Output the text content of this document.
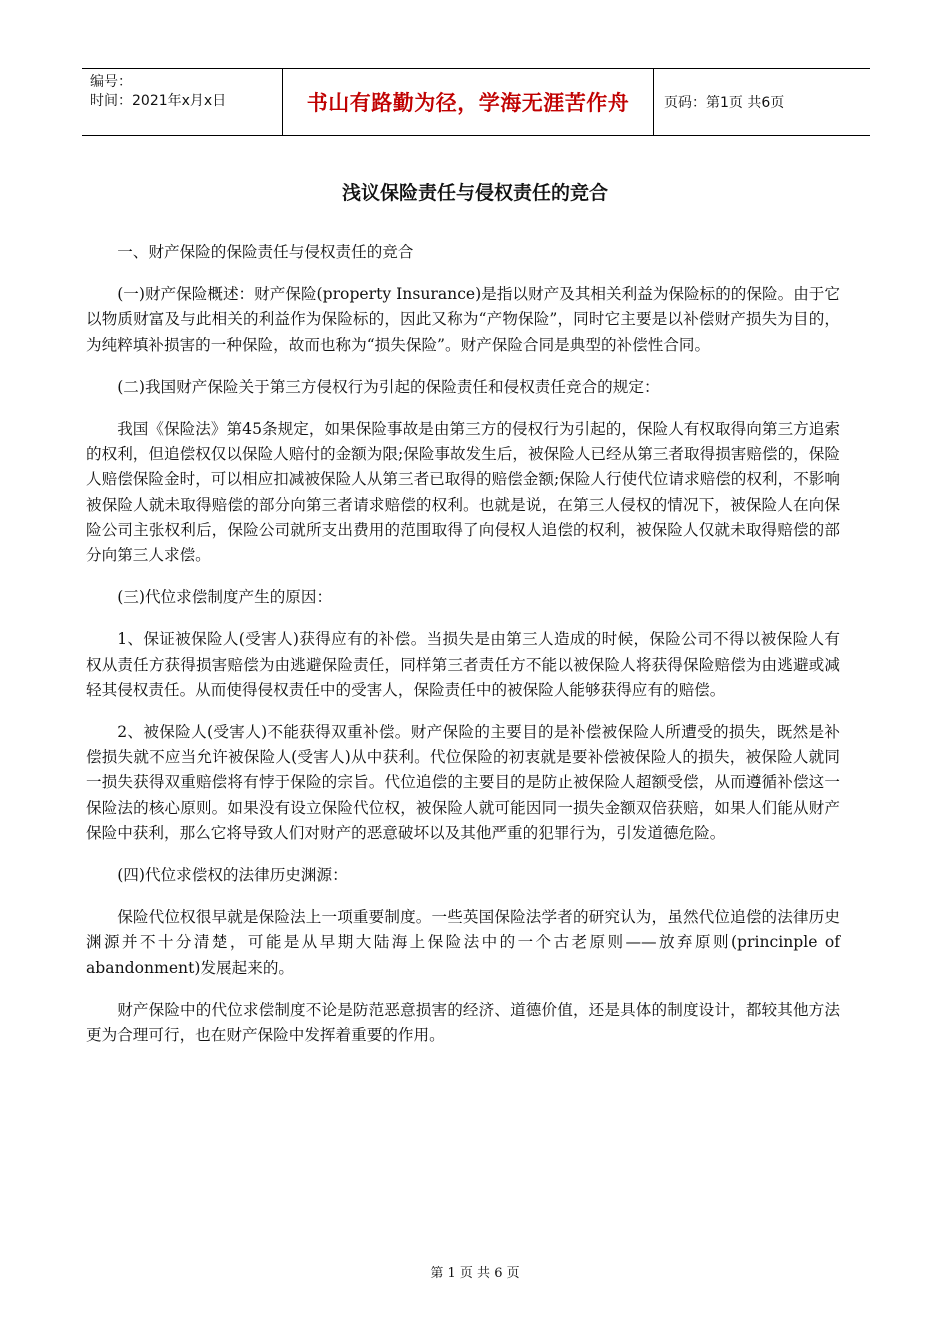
编号：
时间：2021年x月x日	书山有路勤为径，学海无涯苦作舟	页码：第1页 共6页
浅议保险责任与侵权责任的竞合

一、财产保险的保险责任与侵权责任的竞合

(一)财产保险概述：财产保险(property Insurance)是指以财产及其相关利益为保险标的的保险。由于它以物质财富及与此相关的利益作为保险标的，因此又称为“产物保险”，同时它主要是以补偿财产损失为目的，为纯粹填补损害的一种保险，故而也称为“损失保险”。财产保险合同是典型的补偿性合同。

(二)我国财产保险关于第三方侵权行为引起的保险责任和侵权责任竞合的规定：

我国《保险法》第45条规定，如果保险事故是由第三方的侵权行为引起的，保险人有权取得向第三方追索的权利，但追偿权仅以保险人赔付的金额为限;保险事故发生后，被保险人已经从第三者取得损害赔偿的，保险人赔偿保险金时，可以相应扣减被保险人从第三者已取得的赔偿金额;保险人行使代位请求赔偿的权利，不影响被保险人就未取得赔偿的部分向第三者请求赔偿的权利。也就是说，在第三人侵权的情况下，被保险人在向保险公司主张权利后，保险公司就所支出费用的范围取得了向侵权人追偿的权利，被保险人仅就未取得赔偿的部分向第三人求偿。

(三)代位求偿制度产生的原因：

1、保证被保险人(受害人)获得应有的补偿。当损失是由第三人造成的时候，保险公司不得以被保险人有权从责任方获得损害赔偿为由逃避保险责任，同样第三者责任方不能以被保险人将获得保险赔偿为由逃避或减轻其侵权责任。从而使得侵权责任中的受害人，保险责任中的被保险人能够获得应有的赔偿。

2、被保险人(受害人)不能获得双重补偿。财产保险的主要目的是补偿被保险人所遭受的损失，既然是补偿损失就不应当允许被保险人(受害人)从中获利。代位保险的初衷就是要补偿被保险人的损失，被保险人就同一损失获得双重赔偿将有悖于保险的宗旨。代位追偿的主要目的是防止被保险人超额受偿，从而遵循补偿这一保险法的核心原则。如果没有设立保险代位权，被保险人就可能因同一损失金额双倍获赔，如果人们能从财产保险中获利，那么它将导致人们对财产的恶意破坏以及其他严重的犯罪行为，引发道德危险。

(四)代位求偿权的法律历史渊源：

保险代位权很早就是保险法上一项重要制度。一些英国保险法学者的研究认为，虽然代位追偿的法律历史渊源并不十分清楚，可能是从早期大陆海上保险法中的一个古老原则——放弃原则(princinple of abandonment)发展起来的。

财产保险中的代位求偿制度不论是防范恶意损害的经济、道德价值，还是具体的制度设计，都较其他方法更为合理可行，也在财产保险中发挥着重要的作用。

第 1 页 共 6 页
